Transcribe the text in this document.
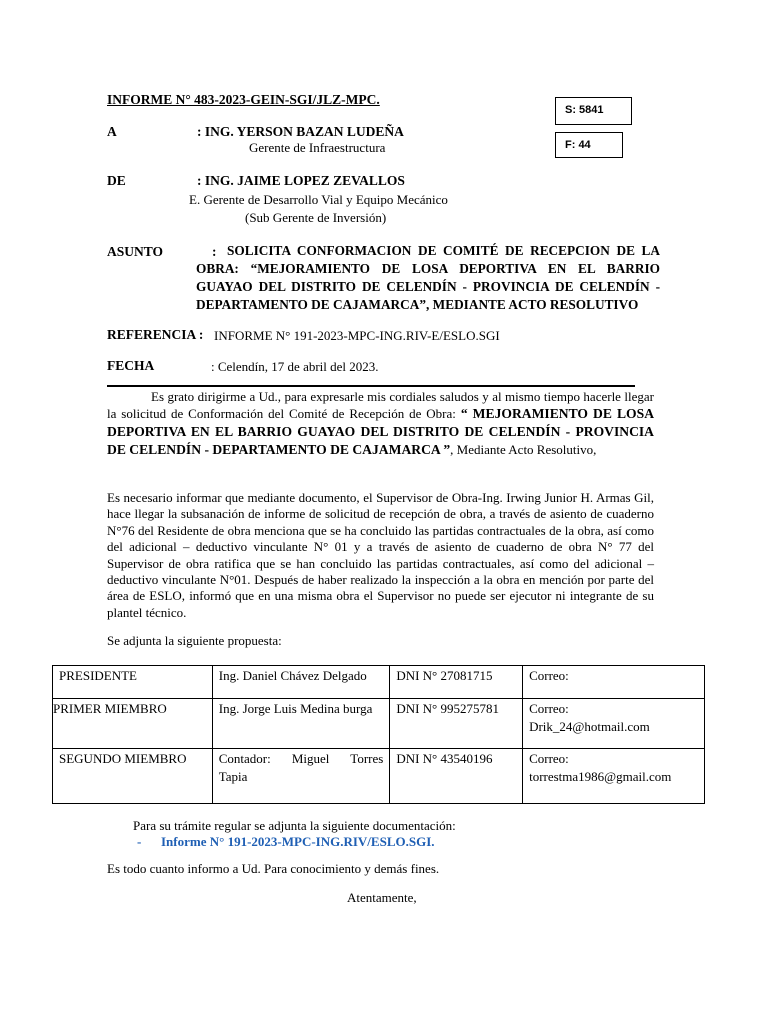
INFORME N° 483-2023-GEIN-SGI/JLZ-MPC.
S: 5841
F: 44
A	: ING. YERSON BAZAN LUDEÑA
Gerente de Infraestructura
DE	: ING. JAIME LOPEZ ZEVALLOS
E. Gerente de Desarrollo Vial y Equipo Mecánico
(Sub Gerente de Inversión)
ASUNTO	: SOLICITA CONFORMACION DE COMITÉ DE RECEPCION DE LA OBRA: “MEJORAMIENTO DE LOSA DEPORTIVA EN EL BARRIO GUAYAO DEL DISTRITO DE CELENDÍN - PROVINCIA DE CELENDÍN - DEPARTAMENTO DE CAJAMARCA”, MEDIANTE ACTO RESOLUTIVO
REFERENCIA : INFORME N° 191-2023-MPC-ING.RIV-E/ESLO.SGI
FECHA	: Celendín, 17 de abril del 2023.
Es grato dirigirme a Ud., para expresarle mis cordiales saludos y al mismo tiempo hacerle llegar la solicitud de Conformación del Comité de Recepción de Obra: “ MEJORAMIENTO DE LOSA DEPORTIVA EN EL BARRIO GUAYAO DEL DISTRITO DE CELENDÍN - PROVINCIA DE CELENDÍN - DEPARTAMENTO DE CAJAMARCA ”, Mediante Acto Resolutivo,
Es necesario informar que mediante documento, el Supervisor de Obra-Ing. Irwing Junior H. Armas Gil, hace llegar la subsanación de informe de solicitud de recepción de obra, a través de asiento de cuaderno N°76 del Residente de obra menciona que se ha concluido las partidas contractuales de la obra, así como del adicional – deductivo vinculante N° 01 y a través de asiento de cuaderno de obra N° 77 del Supervisor de obra ratifica que se han concluido las partidas contractuales, así como del adicional – deductivo vinculante N°01. Después de haber realizado la inspección a la obra en mención por parte del área de ESLO, informó que en una misma obra el Supervisor no puede ser ejecutor ni integrante de su plantel técnico.
Se adjunta la siguiente propuesta:
PRESIDENTE	Ing. Daniel Chávez Delgado	DNI N° 27081715	Correo:

PRIMER MIEMBRO	Ing. Jorge Luis Medina burga	DNI N° 995275781	Correo:
Drik_24@hotmail.com

SEGUNDO MIEMBRO	Contador:   Miguel   Torres Tapia	DNI N° 43540196	Correo:
torrestma1986@gmail.com
Para su trámite regular se adjunta la siguiente documentación:
- Informe N° 191-2023-MPC-ING.RIV/ESLO.SGI.
Es todo cuanto informo a Ud. Para conocimiento y demás fines.
Atentamente,
